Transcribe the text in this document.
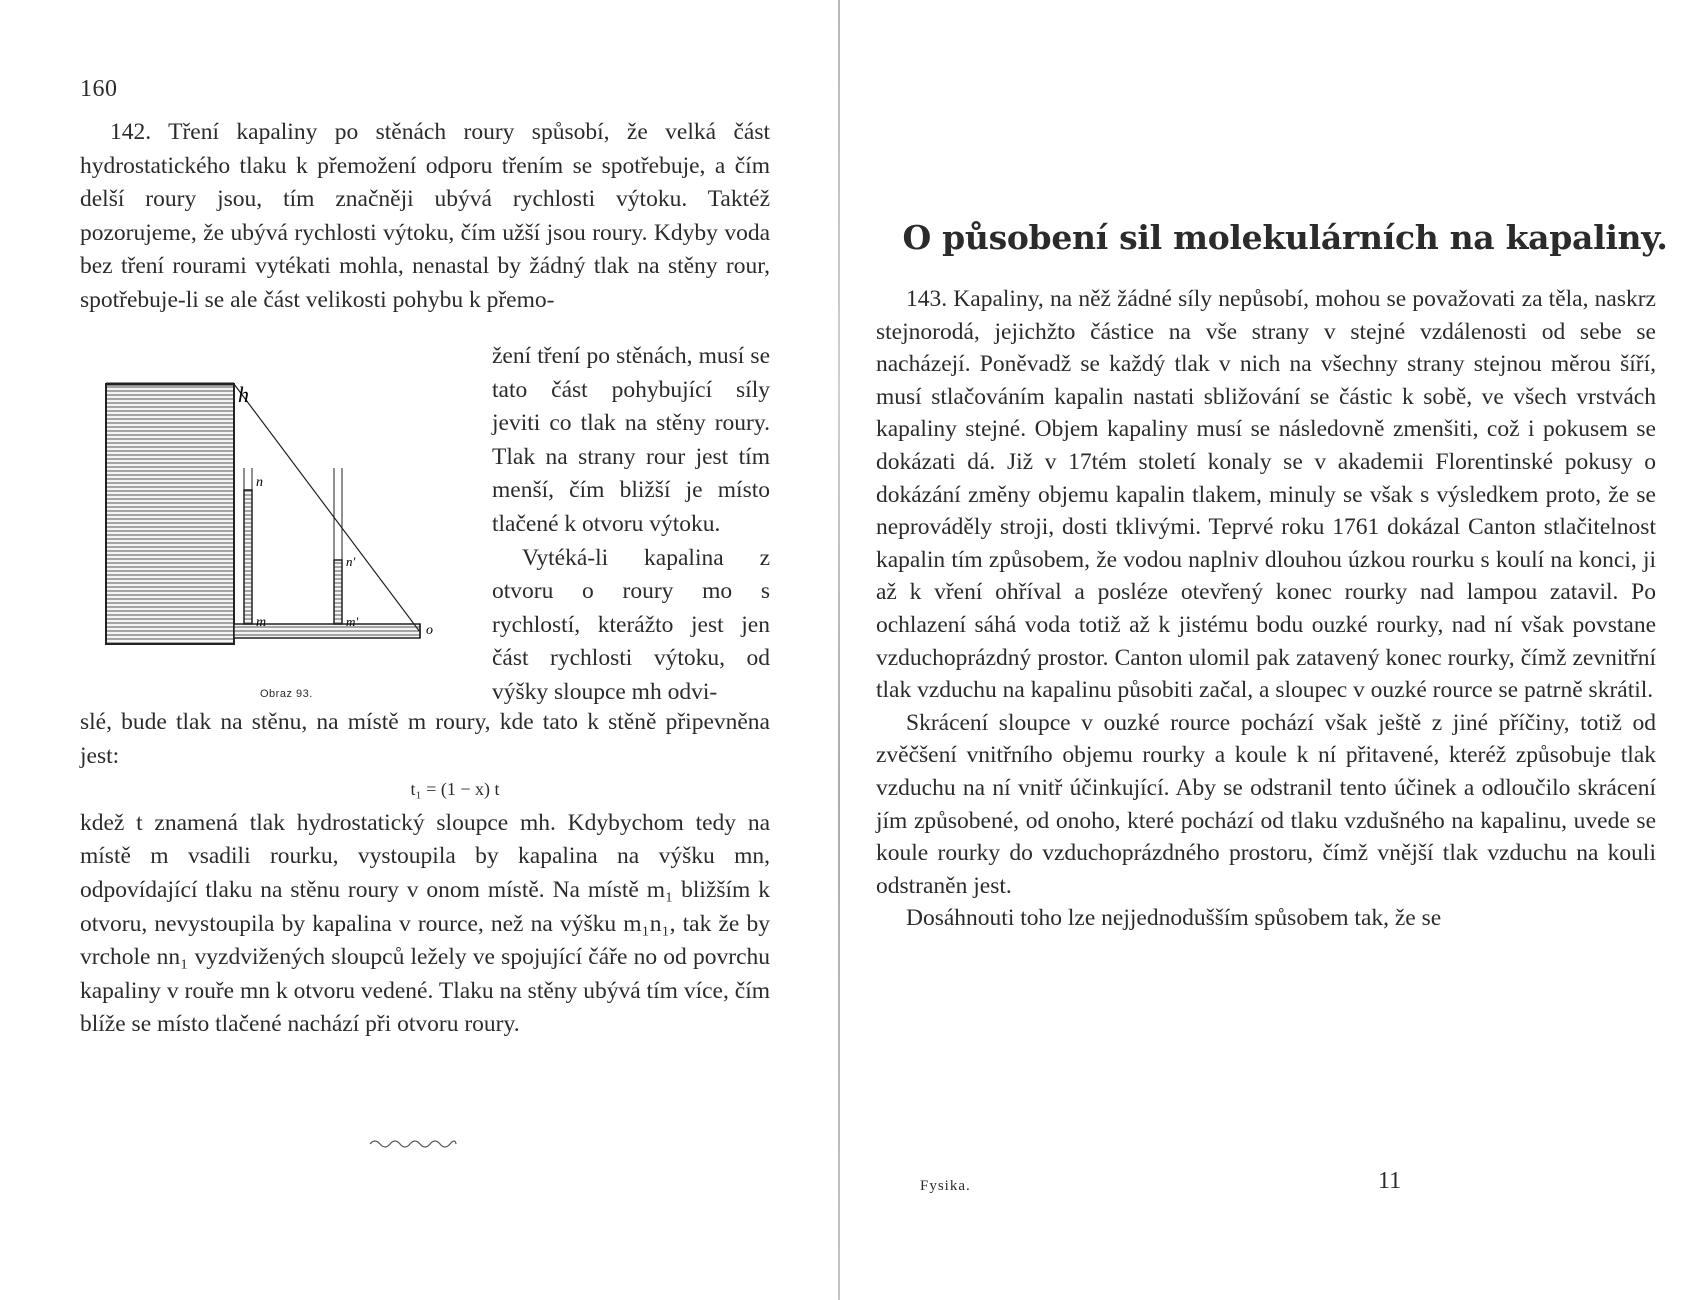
160

142. Tření kapaliny po stěnách roury spůsobí, že velká část hydrostatického tlaku k přemožení odporu třením se spotřebuje, a čím delší roury jsou, tím značněji ubývá rychlosti výtoku. Taktéž pozorujeme, že ubývá rychlosti výtoku, čím užší jsou roury. Kdyby voda bez tření rourami vytékati mohla, nenastal by žádný tlak na stěny rour, spotřebuje-li se ale část velikosti pohybu k přemo-

h
n
n'
m	m'
o
Obraz 93.

žení tření po stěnách, musí se tato část pohybující síly jeviti co tlak na stěny roury. Tlak na strany rour jest tím menší, čím bližší je místo tlačené k otvoru výtoku.

Vytéká-li kapalina z otvoru o roury mo s rychlostí, kterážto jest jen část rychlosti výtoku, od výšky sloupce mh odvi-

slé, bude tlak na stěnu, na místě m roury, kde tato k stěně připevněna jest:

t₁ = (1 − x) t

kdež t znamená tlak hydrostatický sloupce mh. Kdybychom tedy na místě m vsadili rourku, vystoupila by kapalina na výšku mn, odpovídající tlaku na stěnu roury v onom místě. Na místě m₁ bližším k otvoru, nevystoupila by kapalina v rource, než na výšku m₁n₁, tak že by vrchole nn₁ vyzdvižených sloupců ležely ve spojující čáře no od povrchu kapaliny v rouře mn k otvoru vedené. Tlaku na stěny ubývá tím více, čím blíže se místo tlačené nachází při otvoru roury.

O působení sil molekulárních na kapaliny.

143. Kapaliny, na něž žádné síly nepůsobí, mohou se považovati za těla, naskrz stejnorodá, jejichžto částice na vše strany v stejné vzdálenosti od sebe se nacházejí. Poněvadž se každý tlak v nich na všechny strany stejnou měrou šíří, musí stlačováním kapalin nastati sbližování se částic k sobě, ve všech vrstvách kapaliny stejné. Objem kapaliny musí se následovně zmenšiti, což i pokusem se dokázati dá. Již v 17tém století konaly se v akademii Florentinské pokusy o dokázání změny objemu kapalin tlakem, minuly se však s výsledkem proto, že se neprováděly stroji, dosti tklivými. Teprvé roku 1761 dokázal Canton stlačitelnost kapalin tím způsobem, že vodou naplniv dlouhou úzkou rourku s koulí na konci, ji až k vření ohříval a posléze otevřený konec rourky nad lampou zatavil. Po ochlazení sáhá voda totiž až k jistému bodu ouzké rourky, nad ní však povstane vzduchoprázdný prostor. Canton ulomil pak zatavený konec rourky, čímž zevnitřní tlak vzduchu na kapalinu působiti začal, a sloupec v ouzké rource se patrně skrátil.

Skrácení sloupce v ouzké rource pochází však ještě z jiné příčiny, totiž od zvěčšení vnitřního objemu rourky a koule k ní přitavené, kteréž způsobuje tlak vzduchu na ní vnitř účinkující. Aby se odstranil tento účinek a odloučilo skrácení jím způsobené, od onoho, které pochází od tlaku vzdušného na kapalinu, uvede se koule rourky do vzduchoprázdného prostoru, čímž vnější tlak vzduchu na kouli odstraněn jest.

Dosáhnouti toho lze nejjednodušším spůsobem tak, že se

Fysika.	11
